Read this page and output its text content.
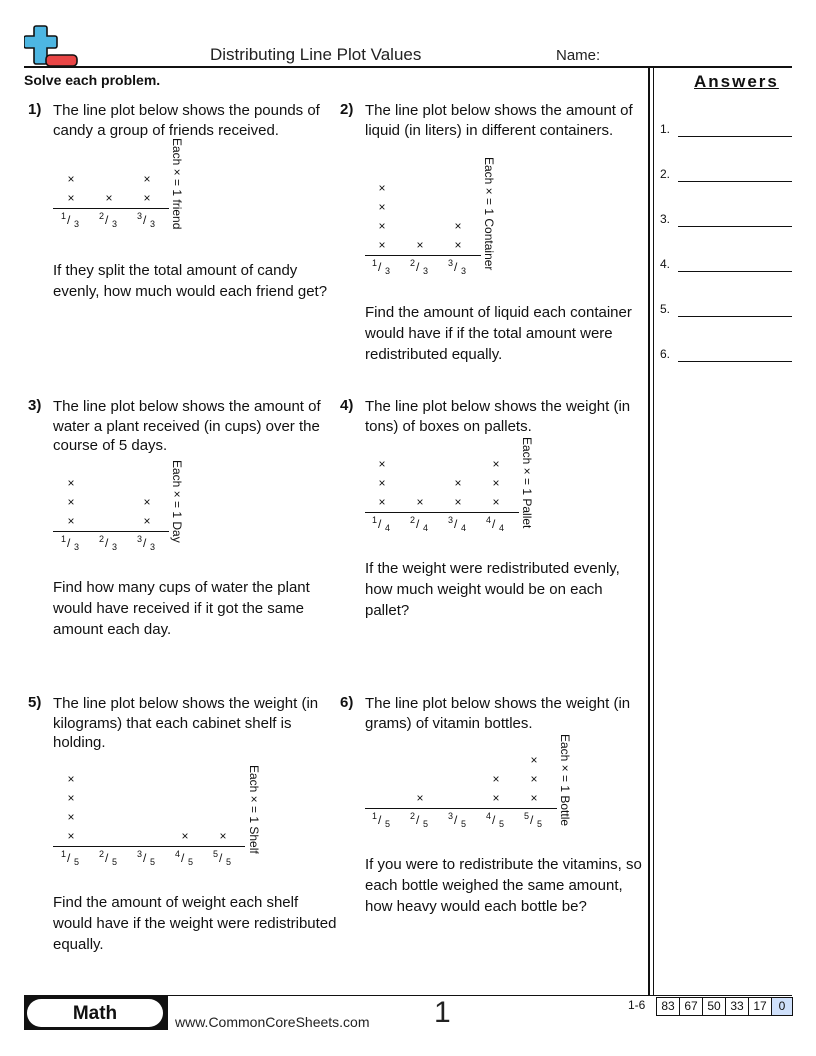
Distributing Line Plot Values	Name:
Solve each problem.	Answers
1.
2.
3.
4.
5.
6.
1) The line plot below shows the pounds of candy a group of friends received.
×
×
1 / 3
×
2 / 3
×
×
3 / 3 Each × = 1 friend
If they split the total amount of candy evenly, how much would each friend get?
2) The line plot below shows the amount of liquid (in liters) in different containers.
×
×
×
×
1 / 3
×
2 / 3
×
×
3 / 3
Each × = 1 Container
Find the amount of liquid each container would have if if the total amount were redistributed equally.
3) The line plot below shows the amount of water a plant received (in cups) over the course of 5 days.
×
×
×
1 / 3
2 / 3
×
×
3 / 3
Each × = 1 Day
Find how many cups of water the plant would have received if it got the same amount each day.
4) The line plot below shows the weight (in tons) of boxes on pallets.
×
×
×
1 / 4
×
2 / 4
×
×
3 / 4
×
×
×
4 / 4 Each × = 1 Pallet
If the weight were redistributed evenly, how much weight would be on each pallet?
5) The line plot below shows the weight (in kilograms) that each cabinet shelf is holding.
×
×
×
×
1 / 5
2 / 5
3 / 5
×
4 / 5
×
5 / 5
Each × = 1 Shelf
Find the amount of weight each shelf would have if the weight were redistributed equally.
6) The line plot below shows the weight (in grams) of vitamin bottles.
1 / 5
×
2 / 5
3 / 5
×
×
4 / 5
×
×
×
5 / 5 Each × = 1 Bottle
If you were to redistribute the vitamins, so each bottle weighed the same amount, how heavy would each bottle be?
Math	www.CommonCoreSheets.com 1	1-6	83 67 50 33 17 0
